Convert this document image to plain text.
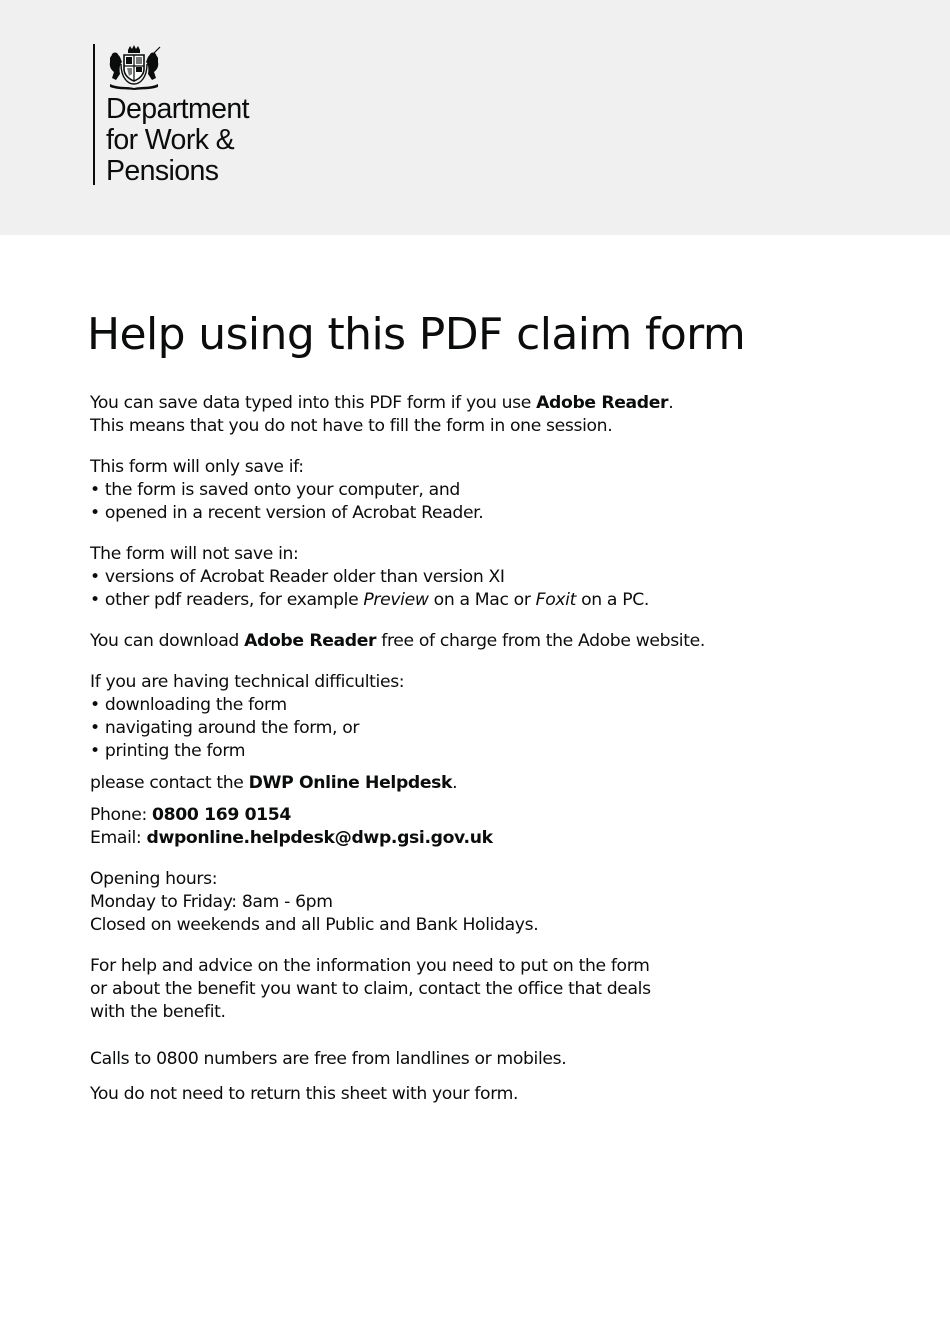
Department
for Work &
Pensions
Help using this PDF claim form
You can save data typed into this PDF form if you use Adobe Reader.
This means that you do not have to fill the form in one session.
This form will only save if:
• the form is saved onto your computer, and
• opened in a recent version of Acrobat Reader.
The form will not save in:
• versions of Acrobat Reader older than version XI
• other pdf readers, for example Preview on a Mac or Foxit on a PC.
You can download Adobe Reader free of charge from the Adobe website.
If you are having technical difficulties:
• downloading the form
• navigating around the form, or
• printing the form
please contact the DWP Online Helpdesk.
Phone: 0800 169 0154
Email: dwponline.helpdesk@dwp.gsi.gov.uk
Opening hours:
Monday to Friday: 8am - 6pm
Closed on weekends and all Public and Bank Holidays.
For help and advice on the information you need to put on the form
or about the benefit you want to claim, contact the office that deals
with the benefit.
Calls to 0800 numbers are free from landlines or mobiles.
You do not need to return this sheet with your form.
